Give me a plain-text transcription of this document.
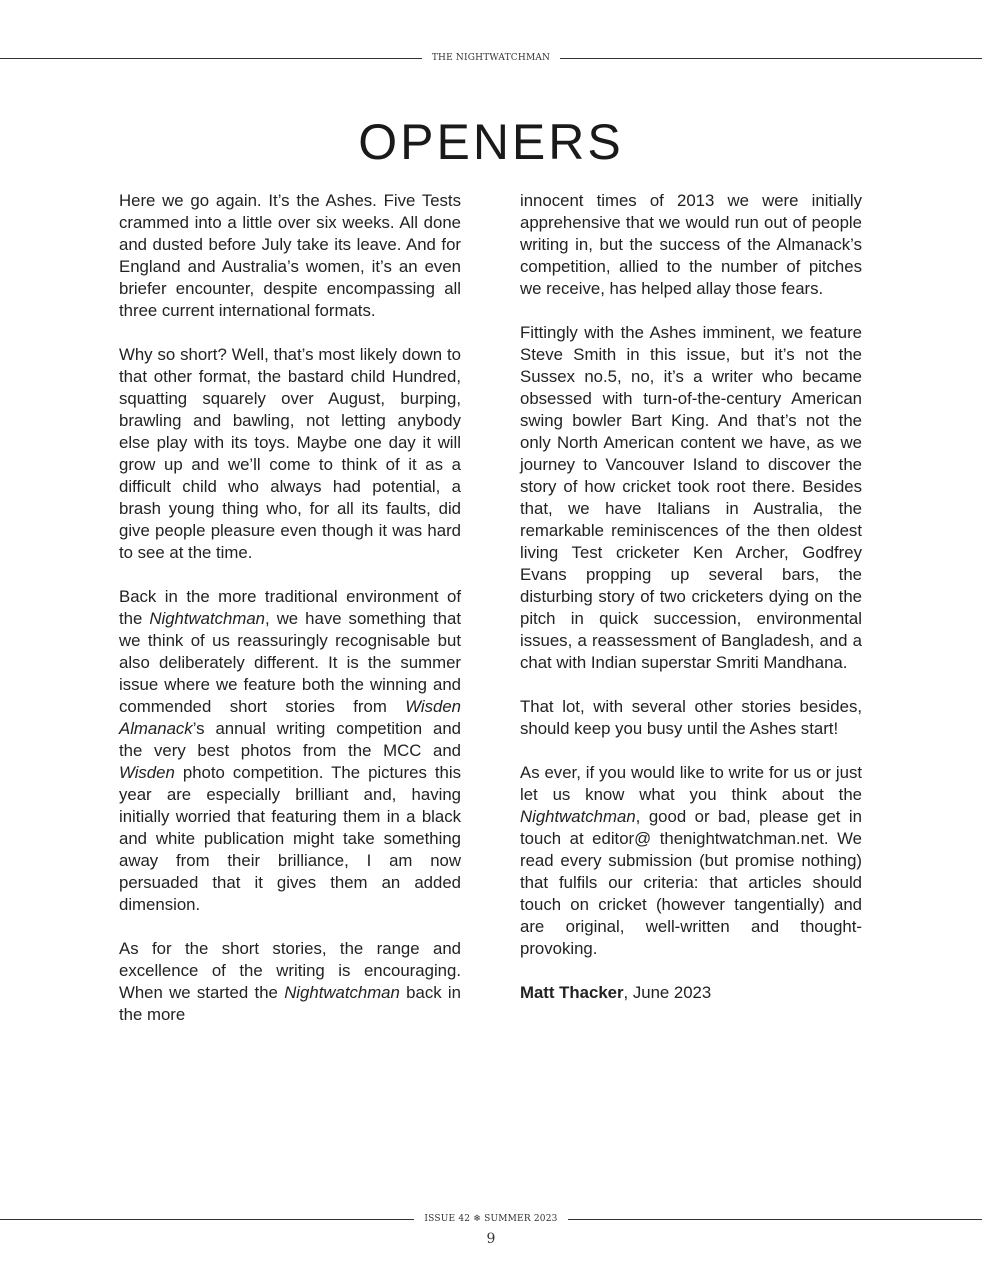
THE NIGHTWATCHMAN
OPENERS

Here we go again. It’s the Ashes. Five Tests crammed into a little over six weeks. All done and dusted before July take its leave. And for England and Australia’s women, it’s an even briefer encounter, despite encompassing all three current international formats.

Why so short? Well, that’s most likely down to that other format, the bastard child Hundred, squatting squarely over August, burping, brawling and bawling, not letting anybody else play with its toys. Maybe one day it will grow up and we’ll come to think of it as a difficult child who always had potential, a brash young thing who, for all its faults, did give people pleasure even though it was hard to see at the time.

Back in the more traditional environment of the Nightwatchman, we have something that we think of us reassuringly recognisable but also deliberately different. It is the summer issue where we feature both the winning and commended short stories from Wisden Almanack’s annual writing competition and the very best photos from the MCC and Wisden photo competition. The pictures this year are especially brilliant and, having initially worried that featuring them in a black and white publication might take something away from their brilliance, I am now persuaded that it gives them an added dimension.

As for the short stories, the range and excellence of the writing is encouraging. When we started the Nightwatchman back in the more

innocent times of 2013 we were initially apprehensive that we would run out of people writing in, but the success of the Almanack’s competition, allied to the number of pitches we receive, has helped allay those fears.

Fittingly with the Ashes imminent, we feature Steve Smith in this issue, but it’s not the Sussex no.5, no, it’s a writer who became obsessed with turn-of-the-century American swing bowler Bart King. And that’s not the only North American content we have, as we journey to Vancouver Island to discover the story of how cricket took root there. Besides that, we have Italians in Australia, the remarkable reminiscences of the then oldest living Test cricketer Ken Archer, Godfrey Evans propping up several bars, the disturbing story of two cricketers dying on the pitch in quick succession, environmental issues, a reassessment of Bangladesh, and a chat with Indian superstar Smriti Mandhana.

That lot, with several other stories besides, should keep you busy until the Ashes start!

As ever, if you would like to write for us or just let us know what you think about the Nightwatchman, good or bad, please get in touch at editor@ thenightwatchman.net. We read every submission (but promise nothing) that fulfils our criteria: that articles should touch on cricket (however tangentially) and are original, well-written and thought-provoking.

Matt Thacker, June 2023

ISSUE 42 ❄ SUMMER 2023
9
